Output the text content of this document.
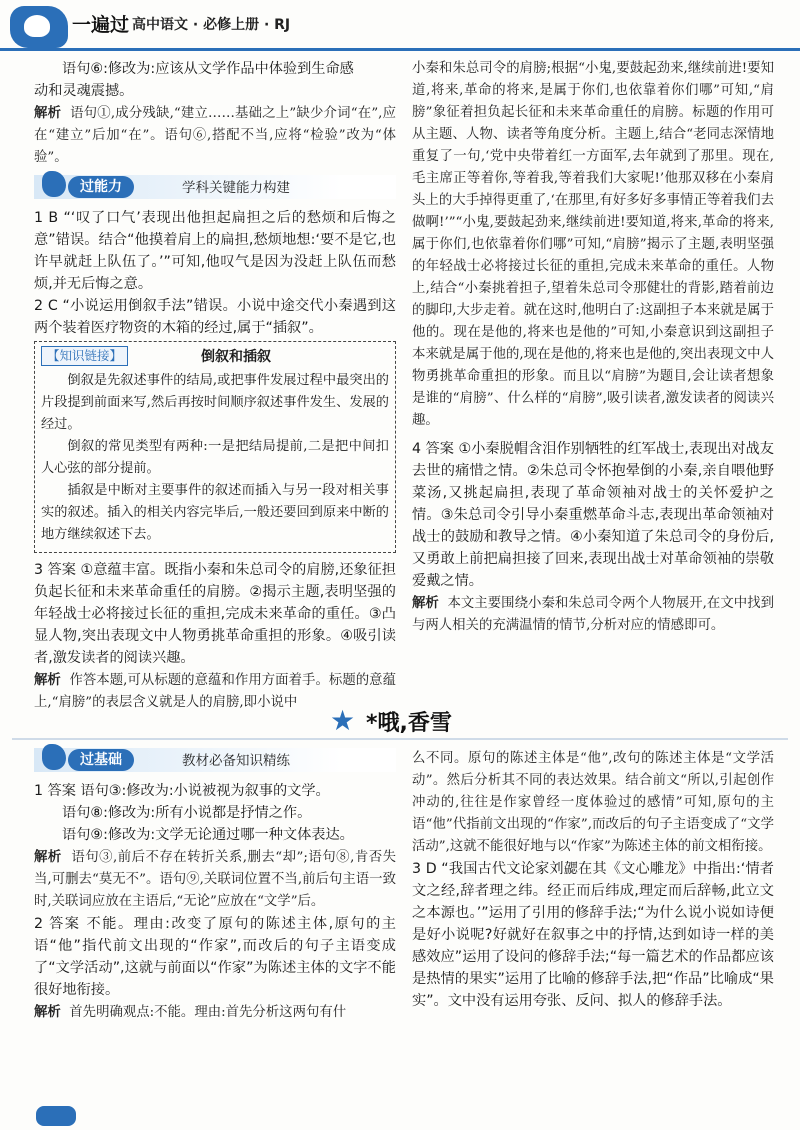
一遍过 高中语文 · 必修上册 · RJ

语句⑥:修改为:应该从文学作品中体验到生命感

动和灵魂震撼。

解析 语句①,成分残缺,“建立……基础之上”缺少介词“在”,应在“建立”后加“在”。语句⑥,搭配不当,应将“检验”改为“体验”。

过能力	学科关键能力构建

1 B “‘叹了口气’表现出他担起扁担之后的愁烦和后悔之意”错误。结合“他摸着肩上的扁担,愁烦地想:‘要不是它,也许早就赶上队伍了。’”可知,他叹气是因为没赶上队伍而愁烦,并无后悔之意。

2 C “小说运用倒叙手法”错误。小说中途交代小秦遇到这两个装着医疗物资的木箱的经过,属于“插叙”。

【知识链接】	倒叙和插叙

倒叙是先叙述事件的结局,或把事件发展过程中最突出的片段提到前面来写,然后再按时间顺序叙述事件发生、发展的经过。

倒叙的常见类型有两种:一是把结局提前,二是把中间扣人心弦的部分提前。

插叙是中断对主要事件的叙述而插入与另一段对相关事实的叙述。插入的相关内容完毕后,一般还要回到原来中断的地方继续叙述下去。

3 答案 ①意蕴丰富。既指小秦和朱总司令的肩膀,还象征担负起长征和未来革命重任的肩膀。②揭示主题,表明坚强的年轻战士必将接过长征的重担,完成未来革命的重任。③凸显人物,突出表现文中人物勇挑革命重担的形象。④吸引读者,激发读者的阅读兴趣。

解析 作答本题,可从标题的意蕴和作用方面着手。标题的意蕴上,“肩膀”的表层含义就是人的肩膀,即小说中

小秦和朱总司令的肩膀;根据“小鬼,要鼓起劲来,继续前进!要知道,将来,革命的将来,是属于你们,也依靠着你们哪”可知,“肩膀”象征着担负起长征和未来革命重任的肩膀。标题的作用可从主题、人物、读者等角度分析。主题上,结合“老同志深情地重复了一句,‘党中央带着红一方面军,去年就到了那里。现在,毛主席正等着你,等着我,等着我们大家呢!’他那双移在小秦肩头上的大手掉得更重了,‘在那里,有好多好多事情正等着我们去做啊!’”“小鬼,要鼓起劲来,继续前进!要知道,将来,革命的将来,属于你们,也依靠着你们哪”可知,“肩膀”揭示了主题,表明坚强的年轻战士必将接过长征的重担,完成未来革命的重任。人物上,结合“小秦挑着担子,望着朱总司令那健壮的背影,踏着前边的脚印,大步走着。就在这时,他明白了:这副担子本来就是属于他的。现在是他的,将来也是他的”可知,小秦意识到这副担子本来就是属于他的,现在是他的,将来也是他的,突出表现文中人物勇挑革命重担的形象。而且以“肩膀”为题目,会让读者想象是谁的“肩膀”、什么样的“肩膀”,吸引读者,激发读者的阅读兴趣。

4 答案 ①小秦脱帽含泪作别牺牲的红军战士,表现出对战友去世的痛惜之情。②朱总司令怀抱晕倒的小秦,亲自喂他野菜汤,又挑起扁担,表现了革命领袖对战士的关怀爱护之情。③朱总司令引导小秦重燃革命斗志,表现出革命领袖对战士的鼓励和教导之情。④小秦知道了朱总司令的身份后,又勇敢上前把扁担接了回来,表现出战士对革命领袖的崇敬爱戴之情。

解析 本文主要围绕小秦和朱总司令两个人物展开,在文中找到与两人相关的充满温情的情节,分析对应的情感即可。

★ *哦,香雪
过基础	教材必备知识精练

1 答案 语句③:修改为:小说被视为叙事的文学。

语句⑧:修改为:所有小说都是抒情之作。

语句⑨:修改为:文学无论通过哪一种文体表达。

解析 语句③,前后不存在转折关系,删去“却”;语句⑧,肯否失当,可删去“莫无不”。语句⑨,关联词位置不当,前后句主语一致时,关联词应放在主语后,“无论”应放在“文学”后。

2 答案 不能。理由:改变了原句的陈述主体,原句的主语“他”指代前文出现的“作家”,而改后的句子主语变成了“文学活动”,这就与前面以“作家”为陈述主体的文字不能很好地衔接。

解析 首先明确观点:不能。理由:首先分析这两句有什

么不同。原句的陈述主体是“他”,改句的陈述主体是“文学活动”。然后分析其不同的表达效果。结合前文“所以,引起创作冲动的,往往是作家曾经一度体验过的感情”可知,原句的主语“他”代指前文出现的“作家”,而改后的句子主语变成了“文学活动”,这就不能很好地与以“作家”为陈述主体的前文相衔接。

3 D “我国古代文论家刘勰在其《文心雕龙》中指出:‘情者文之经,辞者理之纬。经正而后纬成,理定而后辞畅,此立文之本源也。’”运用了引用的修辞手法;“为什么说小说如诗便是好小说呢?好就好在叙事之中的抒情,达到如诗一样的美感效应”运用了设问的修辞手法;“每一篇艺术的作品都应该是热情的果实”运用了比喻的修辞手法,把“作品”比喻成“果实”。文中没有运用夸张、反问、拟人的修辞手法。
